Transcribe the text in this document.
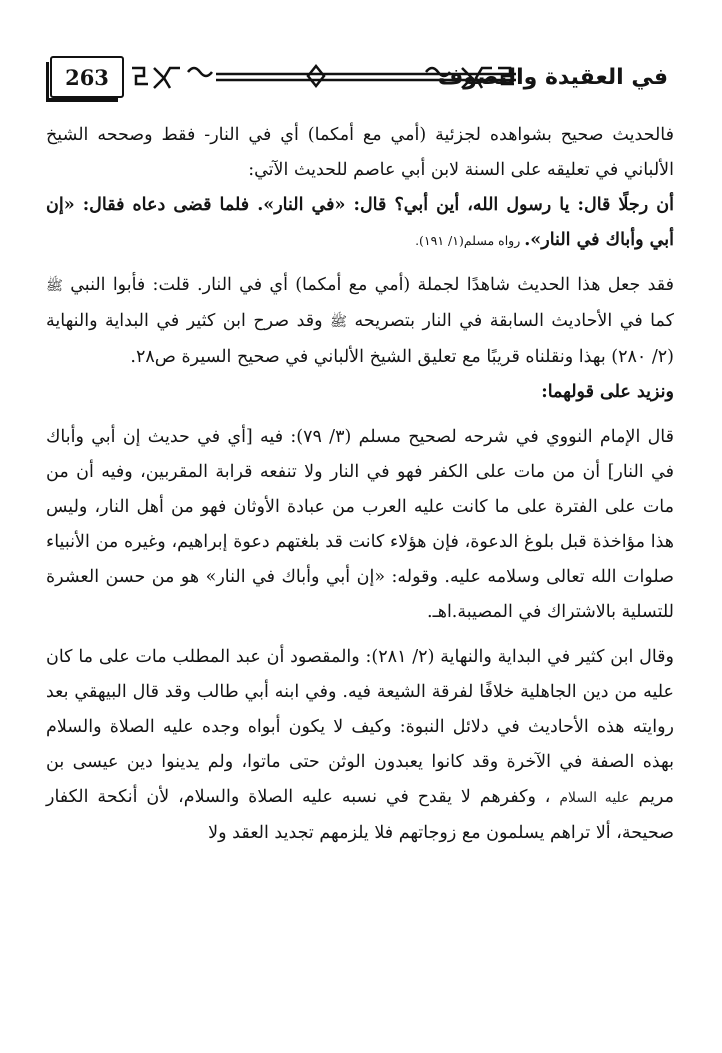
263	في العقيدة والتصوف

فالحديث صحيح بشواهده لجزئية (أمي مع أمكما) أي في النار- فقط وصححه الشيخ الألباني في تعليقه على السنة لابن أبي عاصم للحديث الآتي:

أن رجلًا قال: يا رسول الله، أين أبي؟ قال: «في النار». فلما قضى دعاه فقال: «إن أبي وأباك في النار». رواه مسلم(١/ ١٩١).

فقد جعل هذا الحديث شاهدًا لجملة (أمي مع أمكما) أي في النار. قلت: فأبوا النبي ﷺ كما في الأحاديث السابقة في النار بتصريحه ﷺ وقد صرح ابن كثير في البداية والنهاية (٢/ ٢٨٠) بهذا ونقلناه قريبًا مع تعليق الشيخ الألباني في صحيح السيرة ص٢٨.

ونزيد على قولهما:

قال الإمام النووي في شرحه لصحيح مسلم (٣/ ٧٩): فيه [أي في حديث إن أبي وأباك في النار] أن من مات على الكفر فهو في النار ولا تنفعه قرابة المقربين، وفيه أن من مات على الفترة على ما كانت عليه العرب من عبادة الأوثان فهو من أهل النار، وليس هذا مؤاخذة قبل بلوغ الدعوة، فإن هؤلاء كانت قد بلغتهم دعوة إبراهيم، وغيره من الأنبياء صلوات الله تعالى وسلامه عليه. وقوله: «إن أبي وأباك في النار» هو من حسن العشرة للتسلية بالاشتراك في المصيبة.اهـ.

وقال ابن كثير في البداية والنهاية (٢/ ٢٨١): والمقصود أن عبد المطلب مات على ما كان عليه من دين الجاهلية خلافًا لفرقة الشيعة فيه. وفي ابنه أبي طالب وقد قال البيهقي بعد روايته هذه الأحاديث في دلائل النبوة: وكيف لا يكون أبواه وجده عليه الصلاة والسلام بهذه الصفة في الآخرة وقد كانوا يعبدون الوثن حتى ماتوا، ولم يدينوا دين عيسى بن مريم عليه السلام ، وكفرهم لا يقدح في نسبه عليه الصلاة والسلام، لأن أنكحة الكفار صحيحة، ألا تراهم يسلمون مع زوجاتهم فلا يلزمهم تجديد العقد ولا
